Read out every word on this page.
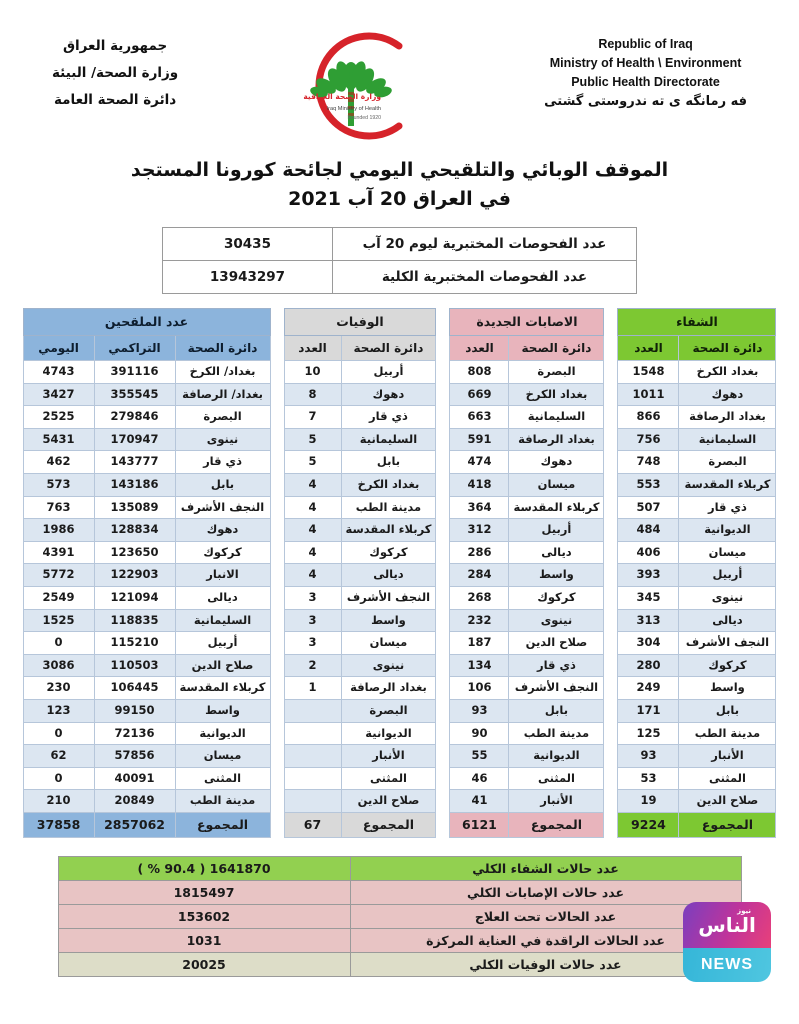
جمهورية العراق
وزارة الصحة/ البيئة
دائرة الصحة العامة	وزارة الصحة العراقية
Iraq Ministry of Health
Founded 1920
Republic of Iraq
Ministry of Health \ Environment
Public Health Directorate
فه رمانگه ى ته ندروستى گشتى
الموقف الوبائي والتلقيحي اليومي لجائحة كورونا المستجد
في العراق 20 آب 2021
عدد الفحوصات المختبرية ليوم 20 آب	30435
عدد الفحوصات المختبرية الكلية	13943297
عدد الملقحين		
دائرة الصحة	التراكمي	اليومي
بغداد/ الكرخ	391116	4743
بغداد/ الرصافة	355545	3427
البصرة	279846	2525
نينوى	170947	5431
ذي قار	143777	462
بابل	143186	573
النجف الأشرف	135089	763
دهوك	128834	1986
كركوك	123650	4391
الانبار	122903	5772
ديالى	121094	2549
السليمانية	118835	1525
أربيل	115210	0
صلاح الدين	110503	3086
كربلاء المقدسة	106445	230
واسط	99150	123
الديوانية	72136	0
ميسان	57856	62
المثنى	40091	0
مدينة الطب	20849	210
المجموع	2857062	37858
الوفيات	
دائرة الصحة	العدد
أربيل	10
دهوك	8
ذي قار	7
السليمانية	5
بابل	5
بغداد الكرخ	4
مدينة الطب	4
كربلاء المقدسة	4
كركوك	4
ديالى	4
النجف الأشرف	3
واسط	3
ميسان	3
نينوى	2
بغداد الرصافة	1
البصرة	
الديوانية	
الأنبار	
المثنى	
صلاح الدين	
المجموع	67
الاصابات الجديدة	
دائرة الصحة	العدد
البصرة	808
بغداد الكرخ	669
السليمانية	663
بغداد الرصافة	591
دهوك	474
ميسان	418
كربلاء المقدسة	364
أربيل	312
ديالى	286
واسط	284
كركوك	268
نينوى	232
صلاح الدين	187
ذي قار	134
النجف الأشرف	106
بابل	93
مدينة الطب	90
الديوانية	55
المثنى	46
الأنبار	41
المجموع	6121
الشفاء	
دائرة الصحة	العدد
بغداد الكرخ	1548
دهوك	1011
بغداد الرصافة	866
السليمانية	756
البصرة	748
كربلاء المقدسة	553
ذي قار	507
الديوانية	484
ميسان	406
أربيل	393
نينوى	345
ديالى	313
النجف الأشرف	304
كركوك	280
واسط	249
بابل	171
مدينة الطب	125
الأنبار	93
المثنى	53
صلاح الدين	19
المجموع	9224
عدد حالات الشفاء الكلي	1641870 ( 90.4 % )
عدد حالات الإصابات الكلي	1815497
عدد الحالات تحت العلاج	153602
عدد الحالات الراقدة في العناية المركزة	1031
عدد حالات الوفيات الكلي	20025
نيوز
الناس
NEWS
